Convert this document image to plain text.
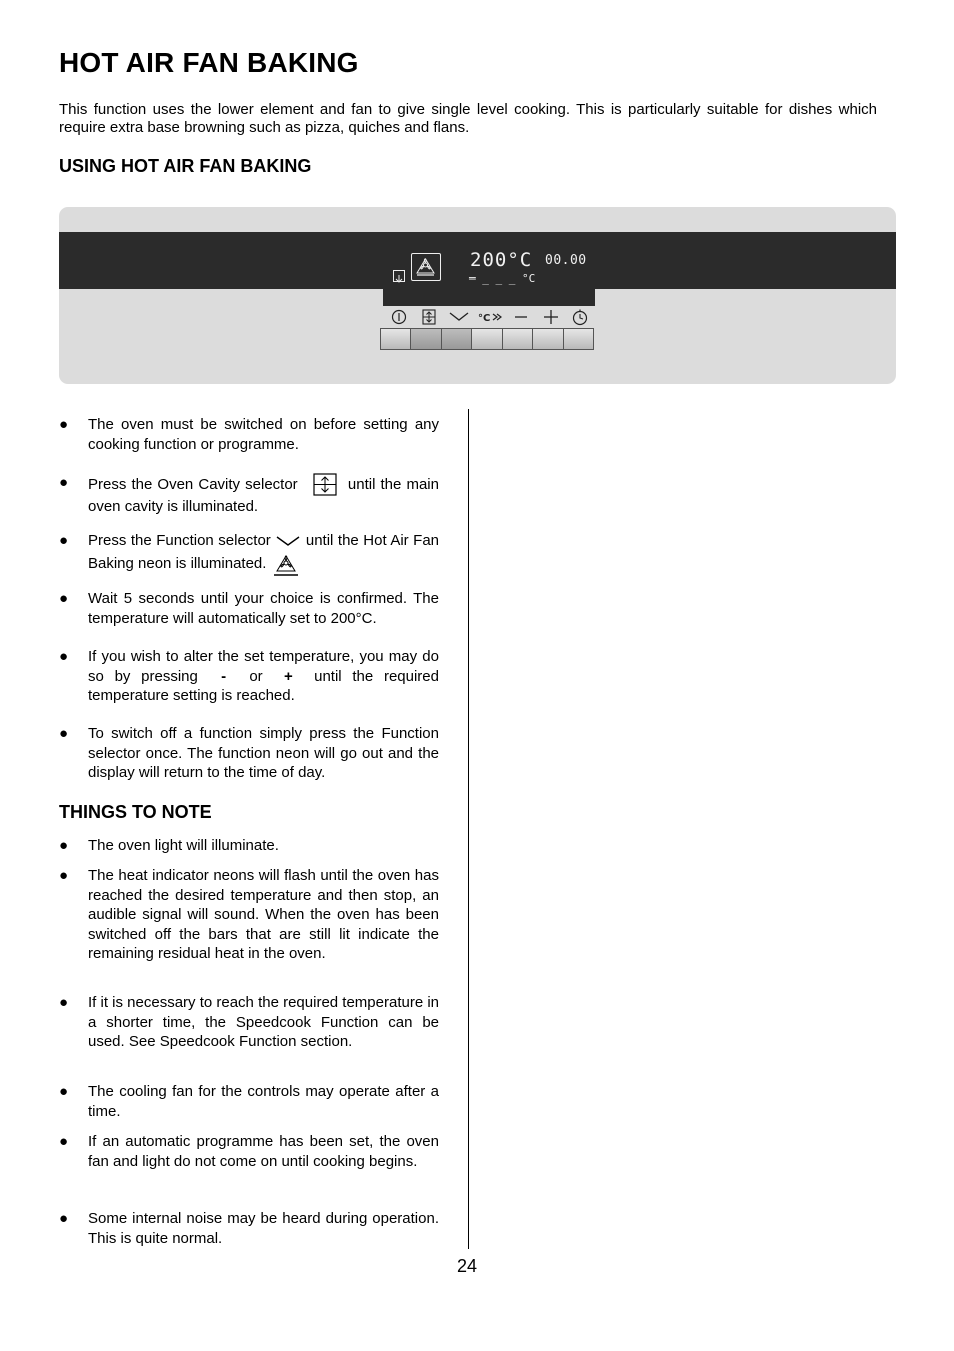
HOT AIR FAN BAKING

This function uses the lower element and fan to give single level cooking. This is particularly suitable for dishes which require extra base browning such as pizza, quiches and flans.

USING HOT AIR FAN BAKING
200°C 00.00
═ _ _ _ °C
°C
● The oven must be switched on before setting any cooking function or programme.
● Press the Oven Cavity selector	until the main oven cavity is illuminated.
● Press the Function selector until the Hot Air Fan Baking neon is illuminated.
● Wait 5 seconds until your choice is confirmed. The temperature will automatically set to 200°C.
● If you wish to alter the set temperature, you may do so by pressing - or + until the required temperature setting is reached.
● To switch off a function simply press the Function selector once. The function neon will go out and the display will return to the time of day.
THINGS TO NOTE
● The oven light will illuminate.
● The heat indicator neons will flash until the oven has reached the desired temperature and then stop, an audible signal will sound. When the oven has been switched off the bars that are still lit indicate the remaining residual heat in the oven.
● If it is necessary to reach the required temperature in a shorter time, the Speedcook Function can be used. See Speedcook Function section.
● The cooling fan for the controls may operate after a time.
● If an automatic programme has been set, the oven fan and light do not come on until cooking begins.
● Some internal noise may be heard during operation. This is quite normal.
24
